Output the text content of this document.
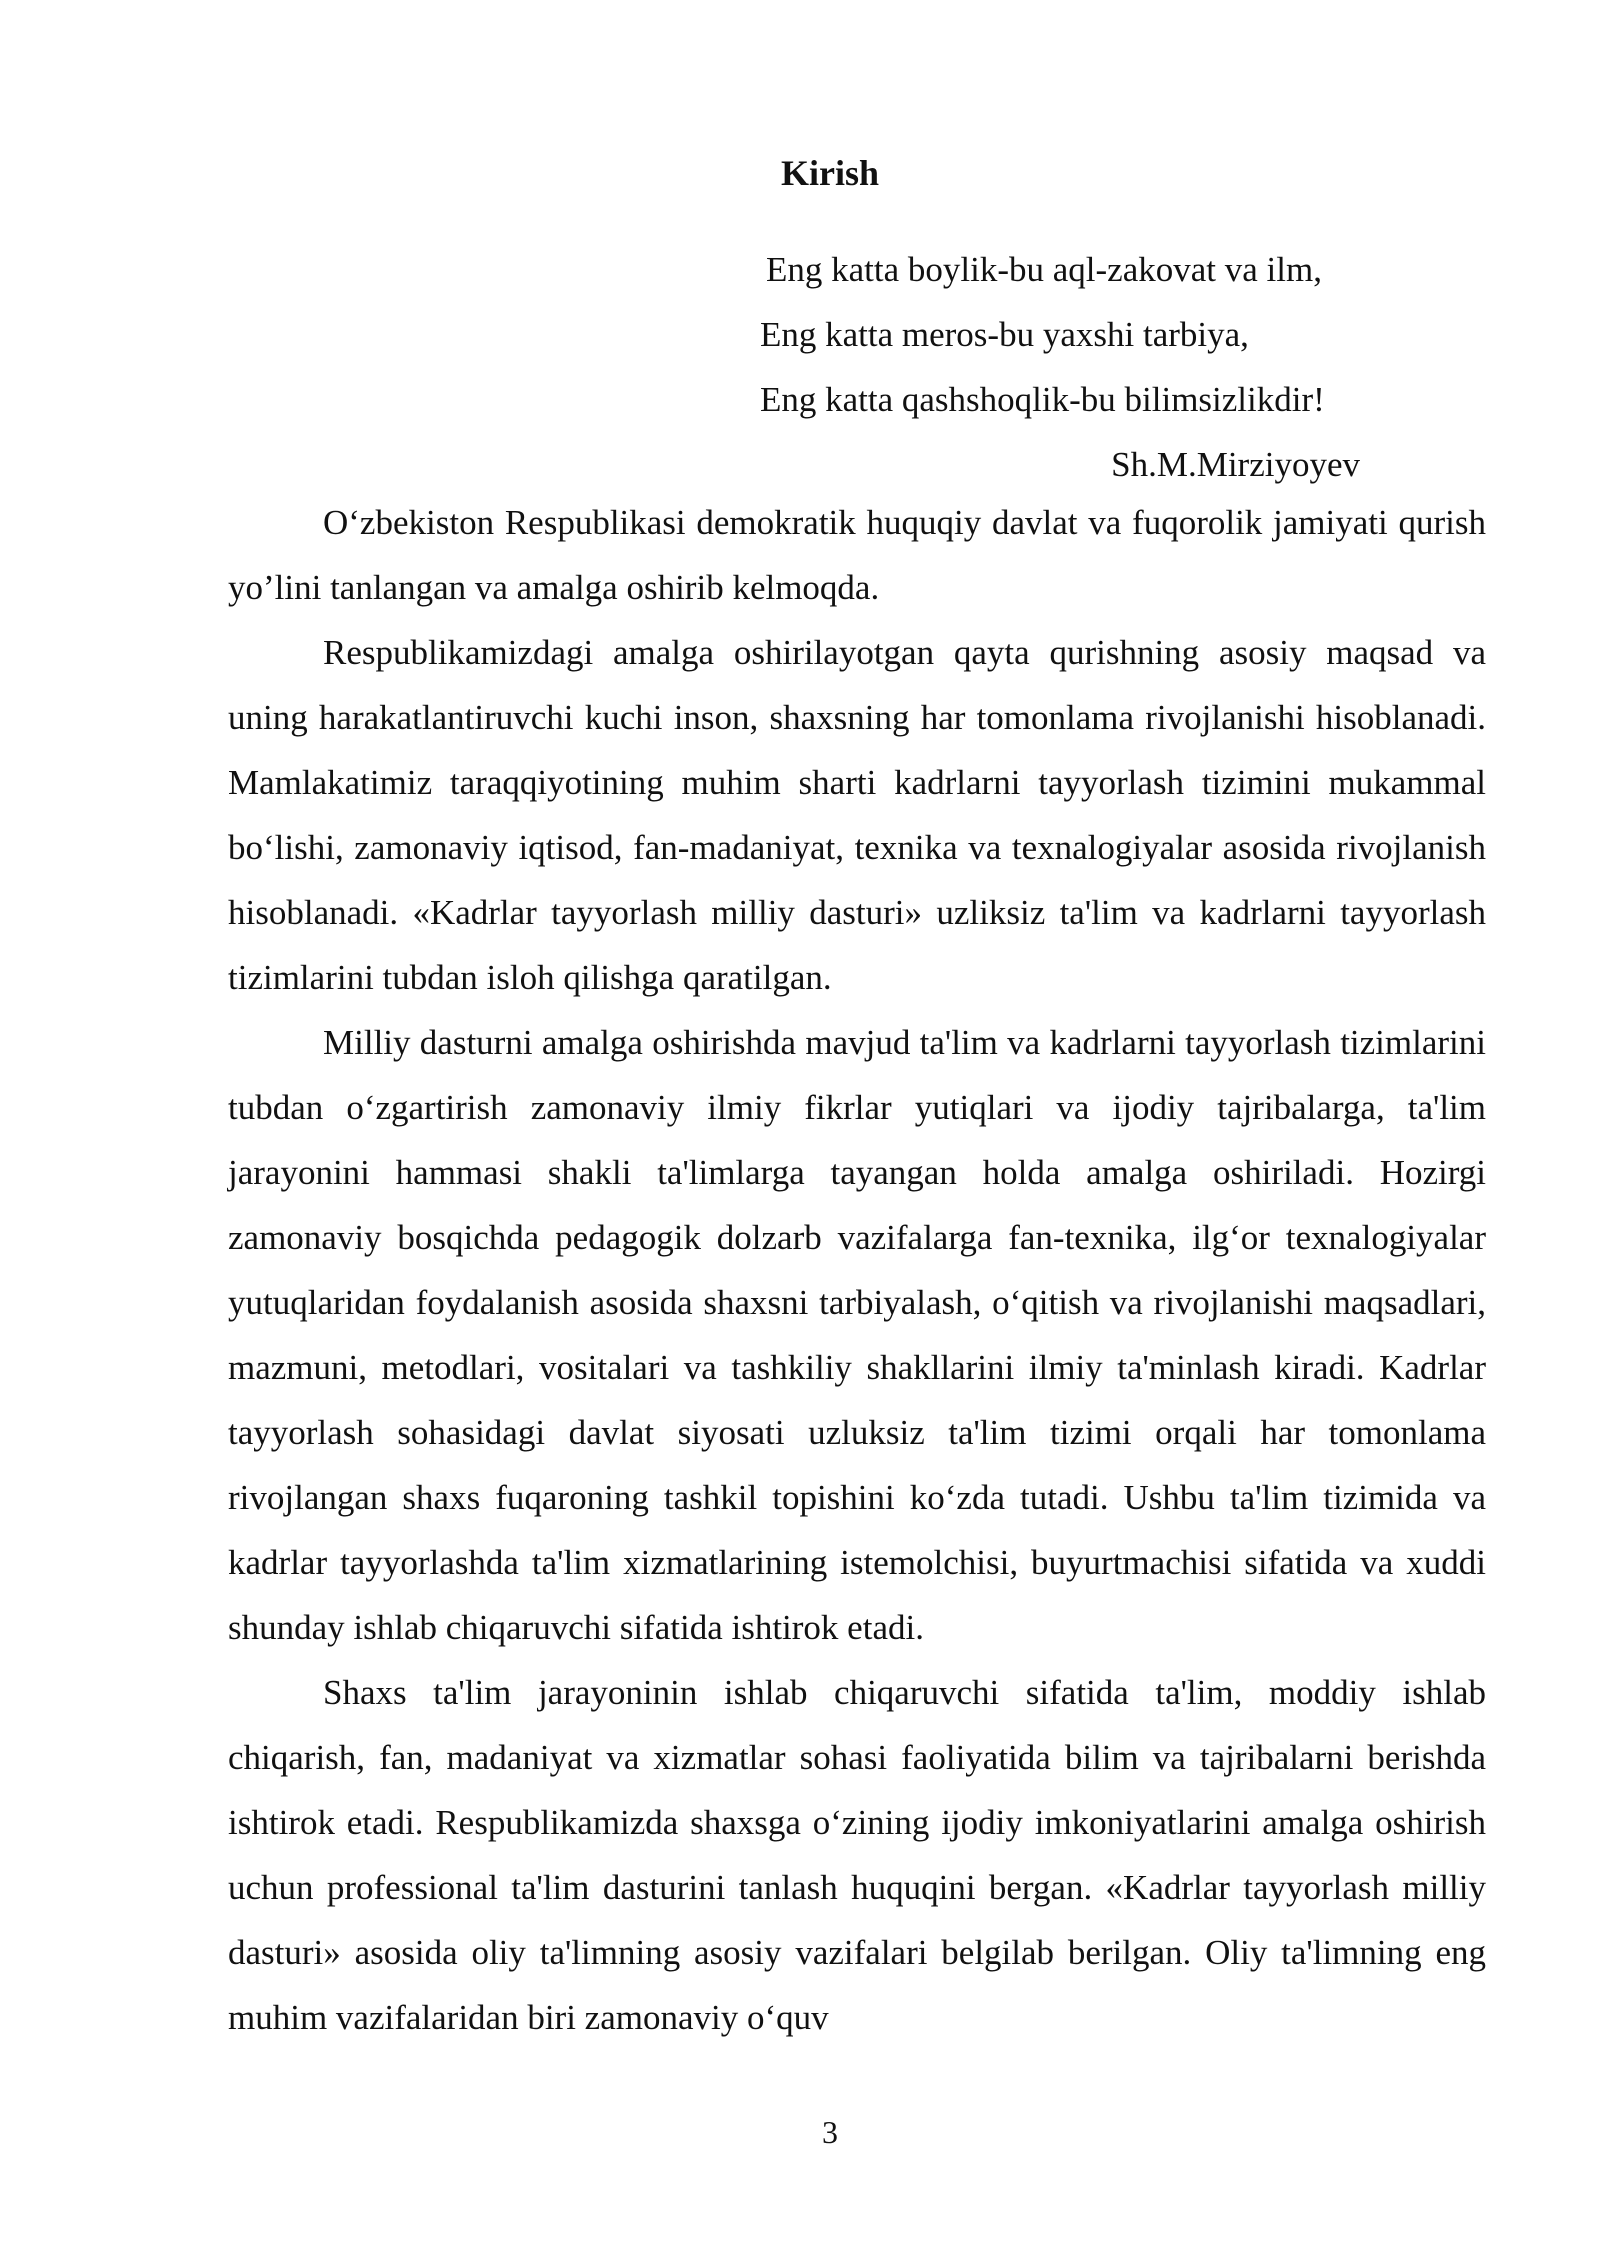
Kirish
Eng katta boylik-bu aql-zakovat va ilm,
Eng katta meros-bu yaxshi tarbiya,
Eng katta qashshoqlik-bu bilimsizlikdir!
Sh.M.Mirziyoyev

O‘zbekiston Respublikasi demokratik huquqiy davlat va fuqorolik jamiyati qurish yo’lini tanlangan va amalga oshirib kelmoqda.

Respublikamizdagi amalga oshirilayotgan qayta qurishning asosiy maqsad va uning harakatlantiruvchi kuchi inson, shaxsning har tomonlama rivojlanishi hisoblanadi. Mamlakatimiz taraqqiyotining muhim sharti kadrlarni tayyorlash tizimini mukammal bo‘lishi, zamonaviy iqtisod, fan-madaniyat, texnika va texnalogiyalar asosida rivojlanish hisoblanadi. «Kadrlar tayyorlash milliy dasturi» uzliksiz ta'lim va kadrlarni tayyorlash tizimlarini tubdan isloh qilishga qaratilgan.

Milliy dasturni amalga oshirishda mavjud ta'lim va kadrlarni tayyorlash tizimlarini tubdan o‘zgartirish zamonaviy ilmiy fikrlar yutiqlari va ijodiy tajribalarga, ta'lim jarayonini hammasi shakli ta'limlarga tayangan holda amalga oshiriladi. Hozirgi zamonaviy bosqichda pedagogik dolzarb vazifalarga fan-texnika, ilg‘or texnalogiyalar yutuqlaridan foydalanish asosida shaxsni tarbiyalash, o‘qitish va rivojlanishi maqsadlari, mazmuni, metodlari, vositalari va tashkiliy shakllarini ilmiy ta'minlash kiradi. Kadrlar tayyorlash sohasidagi davlat siyosati uzluksiz ta'lim tizimi orqali har tomonlama rivojlangan shaxs fuqaroning tashkil topishini ko‘zda tutadi. Ushbu ta'lim tizimida va kadrlar tayyorlashda ta'lim xizmatlarining istemolchisi, buyurtmachisi sifatida va xuddi shunday ishlab chiqaruvchi sifatida ishtirok etadi.

Shaxs ta'lim jarayoninin ishlab chiqaruvchi sifatida ta'lim, moddiy ishlab chiqarish, fan, madaniyat va xizmatlar sohasi faoliyatida bilim va tajribalarni berishda ishtirok etadi. Respublikamizda shaxsga o‘zining ijodiy imkoniyatlarini amalga oshirish uchun professional ta'lim dasturini tanlash huquqini bergan. «Kadrlar tayyorlash milliy dasturi» asosida oliy ta'limning asosiy vazifalari belgilab berilgan. Oliy ta'limning eng muhim vazifalaridan biri zamonaviy o‘quv

3
